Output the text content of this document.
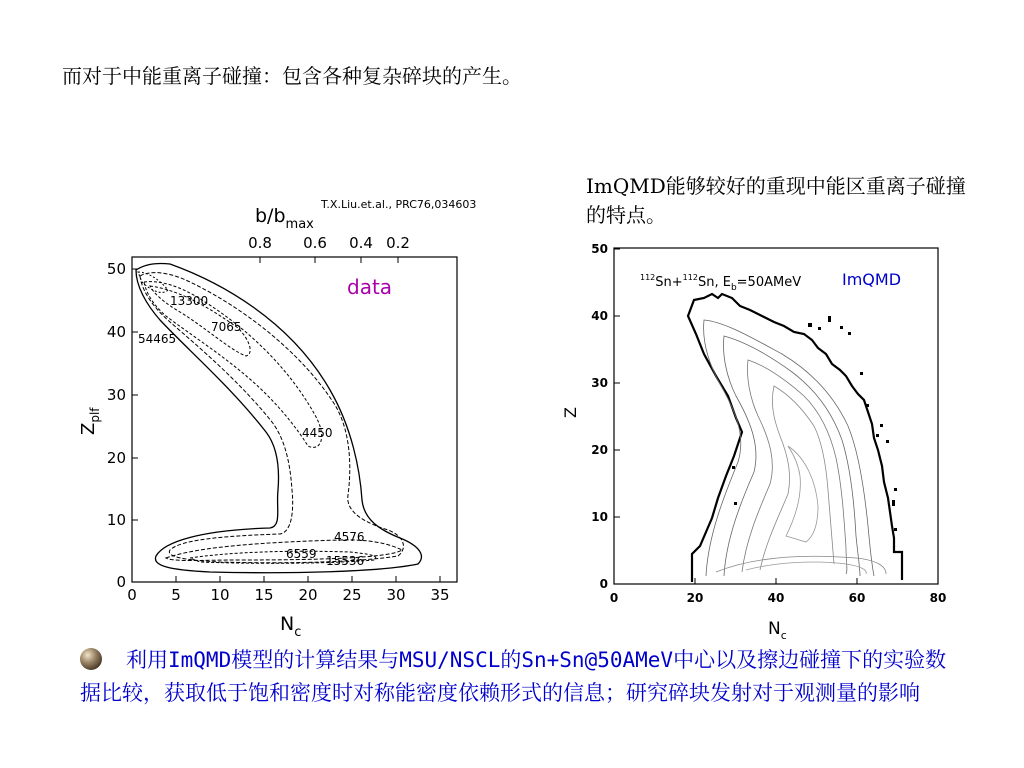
而对于中能重离子碰撞：包含各种复杂碎块的产生。
ImQMD能够较好的重现中能区重离子碰撞的特点。
利用ImQMD模型的计算结果与MSU/NSCL的Sn+Sn@50AMeV中心以及擦边碰撞下的实验数据比较，获取低于饱和密度时对称能密度依赖形式的信息；研究碎块发射对于观测量的影响
T.X.Liu.et.al., PRC76,034603
$b/b_{max}$
0.8 0.6 0.4 0.2
0 5 10 15 20 25 30 35
0
10
20
30
40
50
$Z_{plf}$
$N_c$
data
13300
7065
54465
4450
4576
6559 15536
0	20	40	60	80
0
10
20
30
40
50
Z
$N_c$
$^{112}$Sn+$^{112}$Sn, $E_b=50AMeV$	ImQMD
